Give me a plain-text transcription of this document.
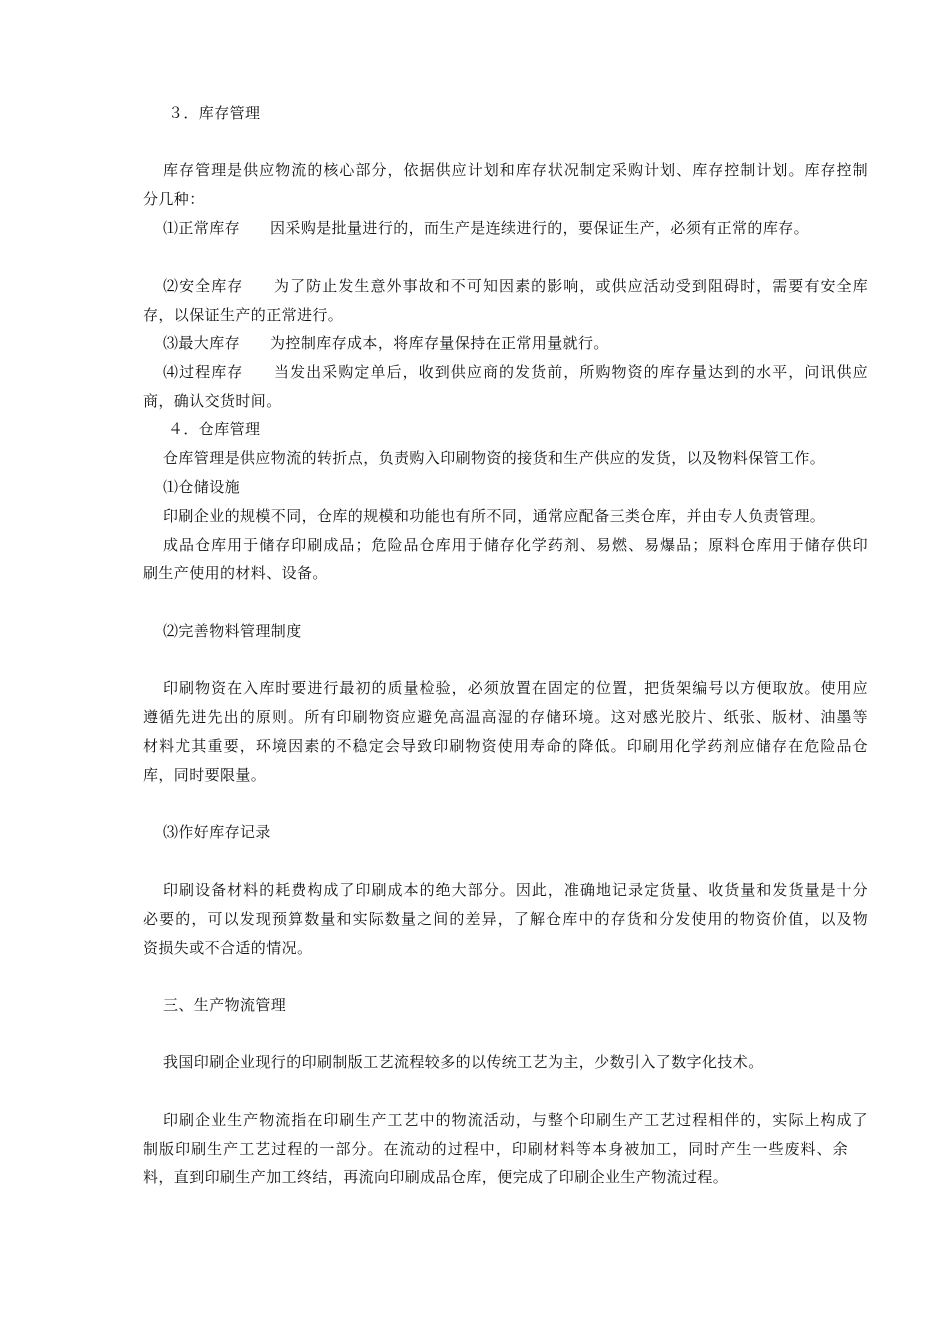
３．库存管理

库存管理是供应物流的核心部分，依据供应计划和库存状况制定采购计划、库存控制计划。库存控制

分几种：

⑴正常库存 因采购是批量进行的，而生产是连续进行的，要保证生产，必须有正常的库存。

⑵安全库存 为了防止发生意外事故和不可知因素的影响，或供应活动受到阻碍时，需要有安全库

存，以保证生产的正常进行。

⑶最大库存 为控制库存成本，将库存量保持在正常用量就行。

⑷过程库存 当发出采购定单后，收到供应商的发货前，所购物资的库存量达到的水平，问讯供应

商，确认交货时间。

４．仓库管理

仓库管理是供应物流的转折点，负责购入印刷物资的接货和生产供应的发货，以及物料保管工作。

⑴仓储设施

印刷企业的规模不同，仓库的规模和功能也有所不同，通常应配备三类仓库，并由专人负责管理。

成品仓库用于储存印刷成品；危险品仓库用于储存化学药剂、易燃、易爆品；原料仓库用于储存供印

刷生产使用的材料、设备。

⑵完善物料管理制度

印刷物资在入库时要进行最初的质量检验，必须放置在固定的位置，把货架编号以方便取放。使用应

遵循先进先出的原则。所有印刷物资应避免高温高湿的存储环境。这对感光胶片、纸张、版材、油墨等

材料尤其重要，环境因素的不稳定会导致印刷物资使用寿命的降低。印刷用化学药剂应储存在危险品仓

库，同时要限量。

⑶作好库存记录

印刷设备材料的耗费构成了印刷成本的绝大部分。因此，准确地记录定货量、收货量和发货量是十分

必要的，可以发现预算数量和实际数量之间的差异，了解仓库中的存货和分发使用的物资价值，以及物

资损失或不合适的情况。

三、生产物流管理

我国印刷企业现行的印刷制版工艺流程较多的以传统工艺为主，少数引入了数字化技术。

印刷企业生产物流指在印刷生产工艺中的物流活动，与整个印刷生产工艺过程相伴的，实际上构成了

制版印刷生产工艺过程的一部分。在流动的过程中，印刷材料等本身被加工，同时产生一些废料、余

料，直到印刷生产加工终结，再流向印刷成品仓库，便完成了印刷企业生产物流过程。
